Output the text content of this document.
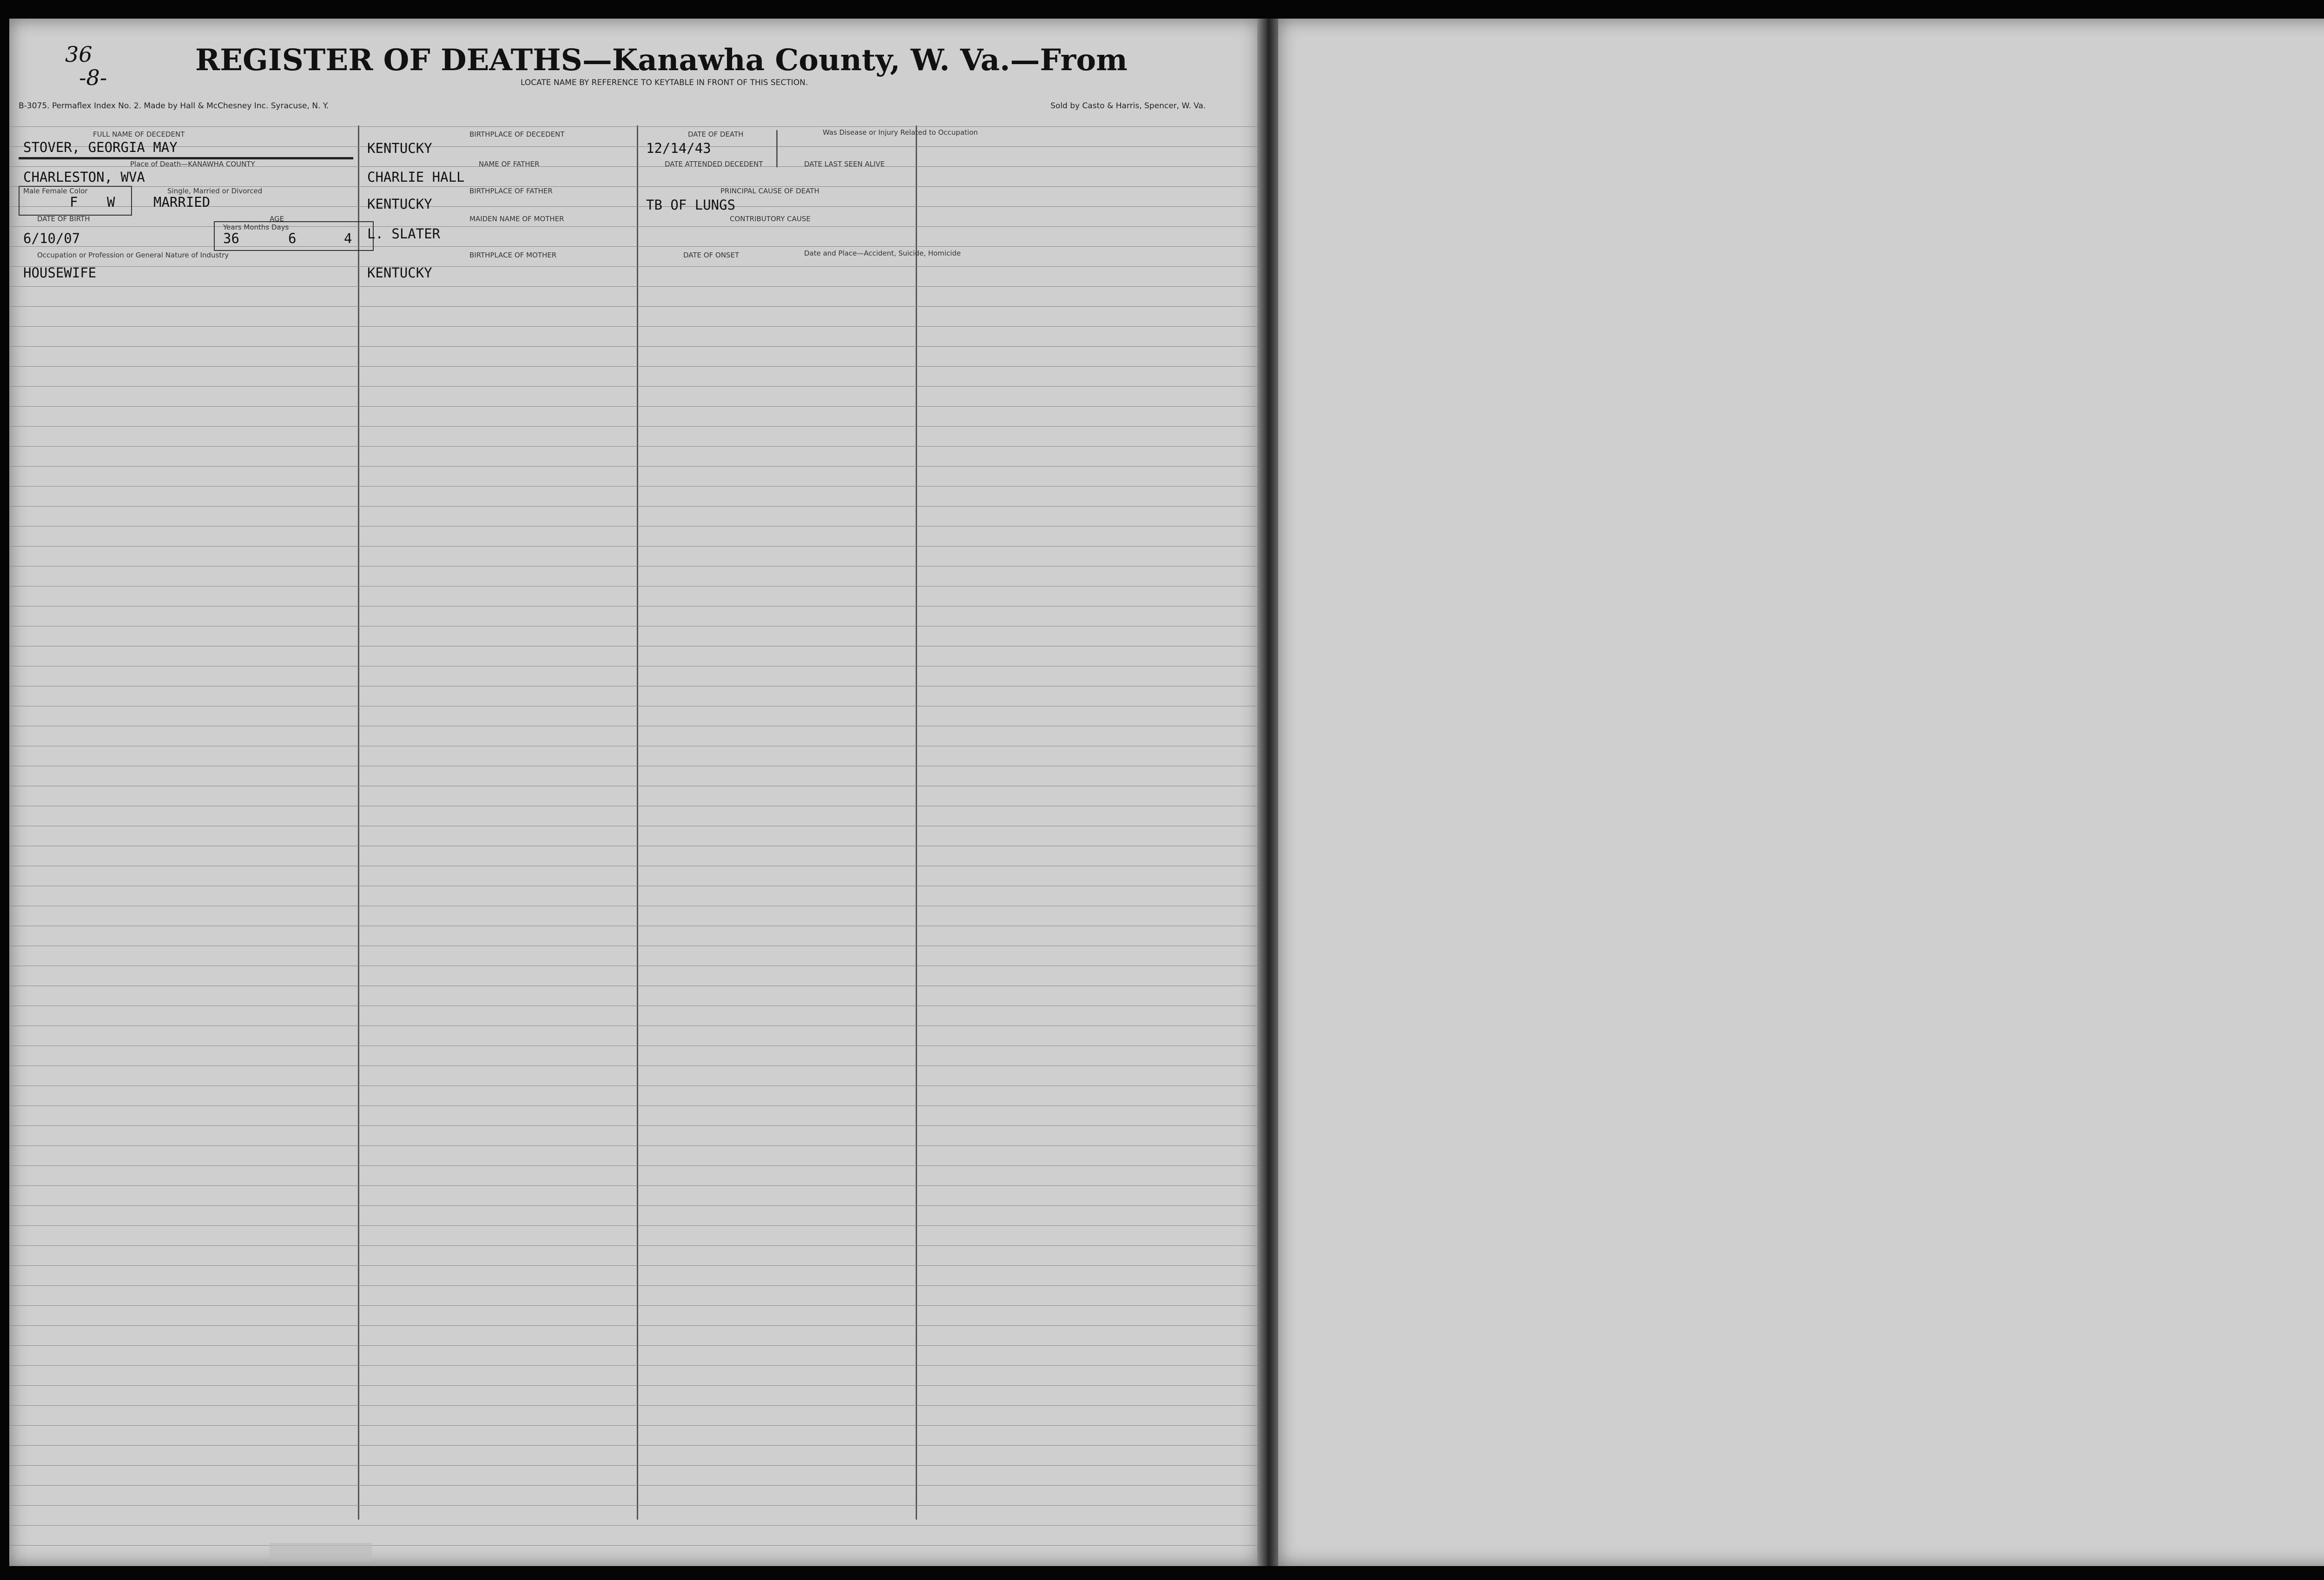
36
-8-	REGISTER OF DEATHS—Kanawha County, W. Va.—From
LOCATE NAME BY REFERENCE TO KEYTABLE IN FRONT OF THIS SECTION.
B-3075. Permaflex Index No. 2. Made by Hall & McChesney Inc. Syracuse, N. Y.	Sold by Casto & Harris, Spencer, W. Va.
FULL NAME OF DECEDENT
STOVER, GEORGIA MAY
Place of Death—KANAWHA COUNTY
CHARLESTON, WVA
Male Female Color	Single, Married or Divorced
F W	MARRIED
DATE OF BIRTH	AGE
Years Months Days
6/10/07	36	6	4
Occupation or Profession or General Nature of Industry
HOUSEWIFE
BIRTHPLACE OF DECEDENT
KENTUCKY
NAME OF FATHER
CHARLIE HALL
BIRTHPLACE OF FATHER
KENTUCKY
MAIDEN NAME OF MOTHER
L. SLATER
BIRTHPLACE OF MOTHER
KENTUCKY
DATE OF DEATH	Was Disease or Injury Related to Occupation
12/14/43
DATE ATTENDED DECEDENT	DATE LAST SEEN ALIVE
PRINCIPAL CAUSE OF DEATH
TB OF LUNGS
CONTRIBUTORY CAUSE
DATE OF ONSET	Date and Place—Accident, Suicide, Homicide
